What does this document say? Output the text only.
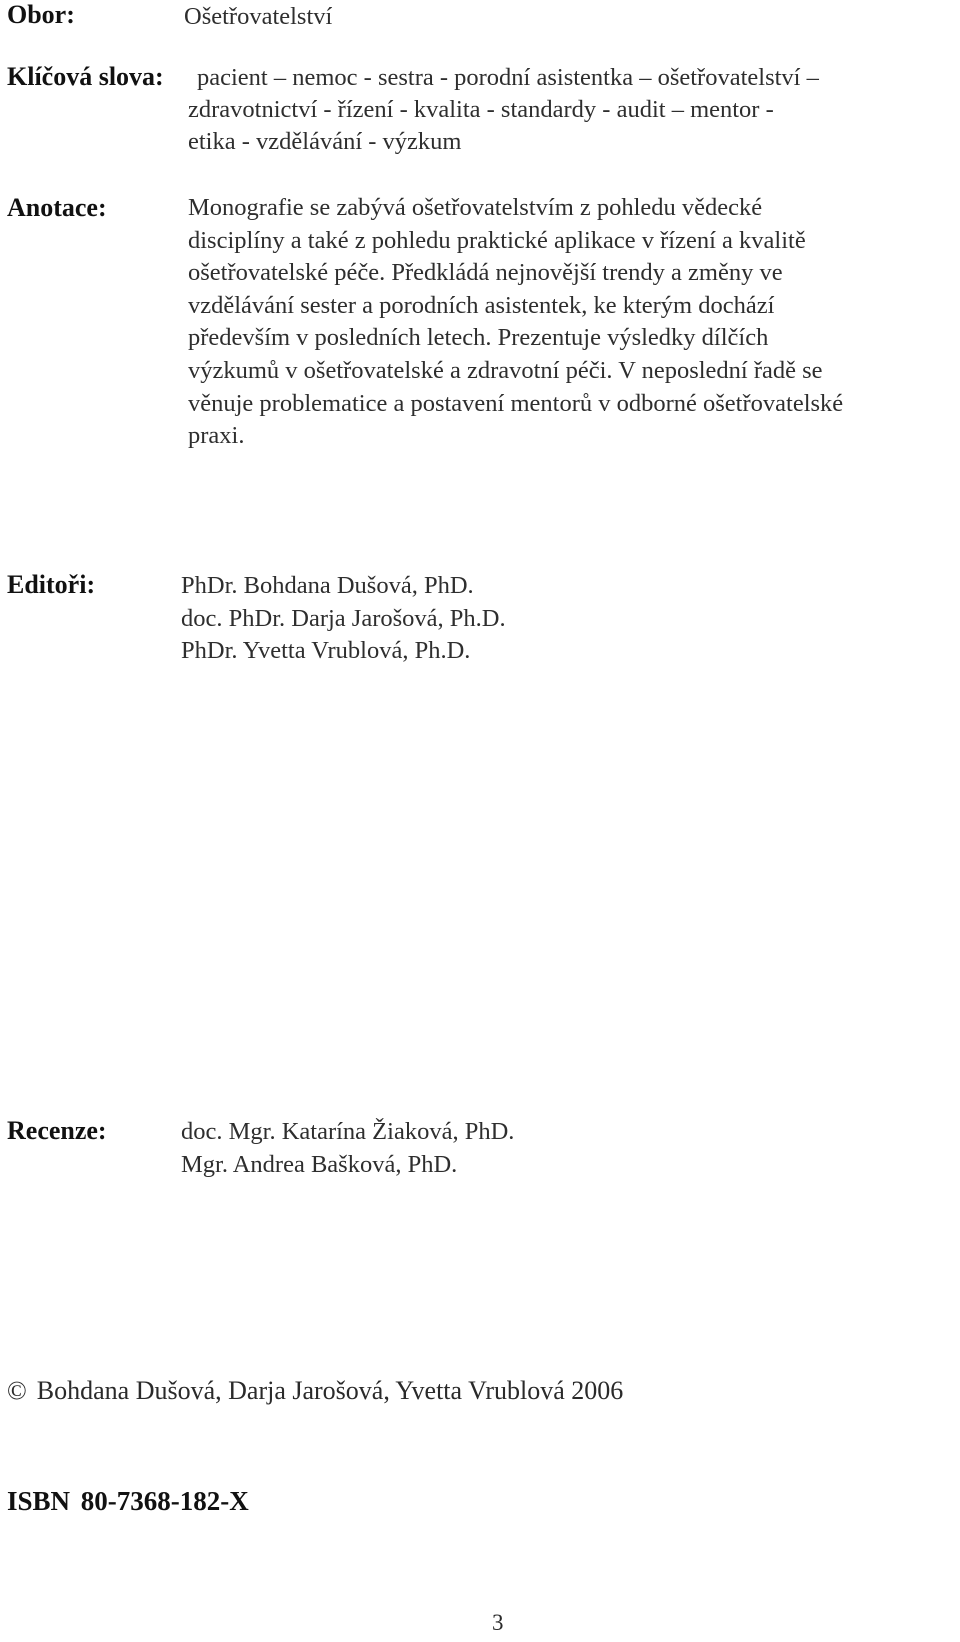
Obor:	Ošetřovatelství
Klíčová slova: pacient – nemoc - sestra - porodní asistentka – ošetřovatelství –
zdravotnictví - řízení - kvalita - standardy - audit – mentor -
etika - vzdělávání - výzkum
Anotace:	Monografie se zabývá ošetřovatelstvím z pohledu vědecké
disciplíny a také z pohledu praktické aplikace v řízení a kvalitě
ošetřovatelské péče. Předkládá nejnovější trendy a změny ve
vzdělávání sester a porodních asistentek, ke kterým dochází
především v posledních letech. Prezentuje výsledky dílčích
výzkumů v ošetřovatelské a zdravotní péči. V neposlední řadě se
věnuje problematice a postavení mentorů v odborné ošetřovatelské
praxi.
Editoři:	PhDr. Bohdana Dušová, PhD.
doc. PhDr. Darja Jarošová, Ph.D.
PhDr. Yvetta Vrublová, Ph.D.
Recenze:	doc. Mgr. Katarína Žiaková, PhD.
Mgr. Andrea Bašková, PhD.
© Bohdana Dušová, Darja Jarošová, Yvetta Vrublová 2006
ISBN 80-7368-182-X
3
